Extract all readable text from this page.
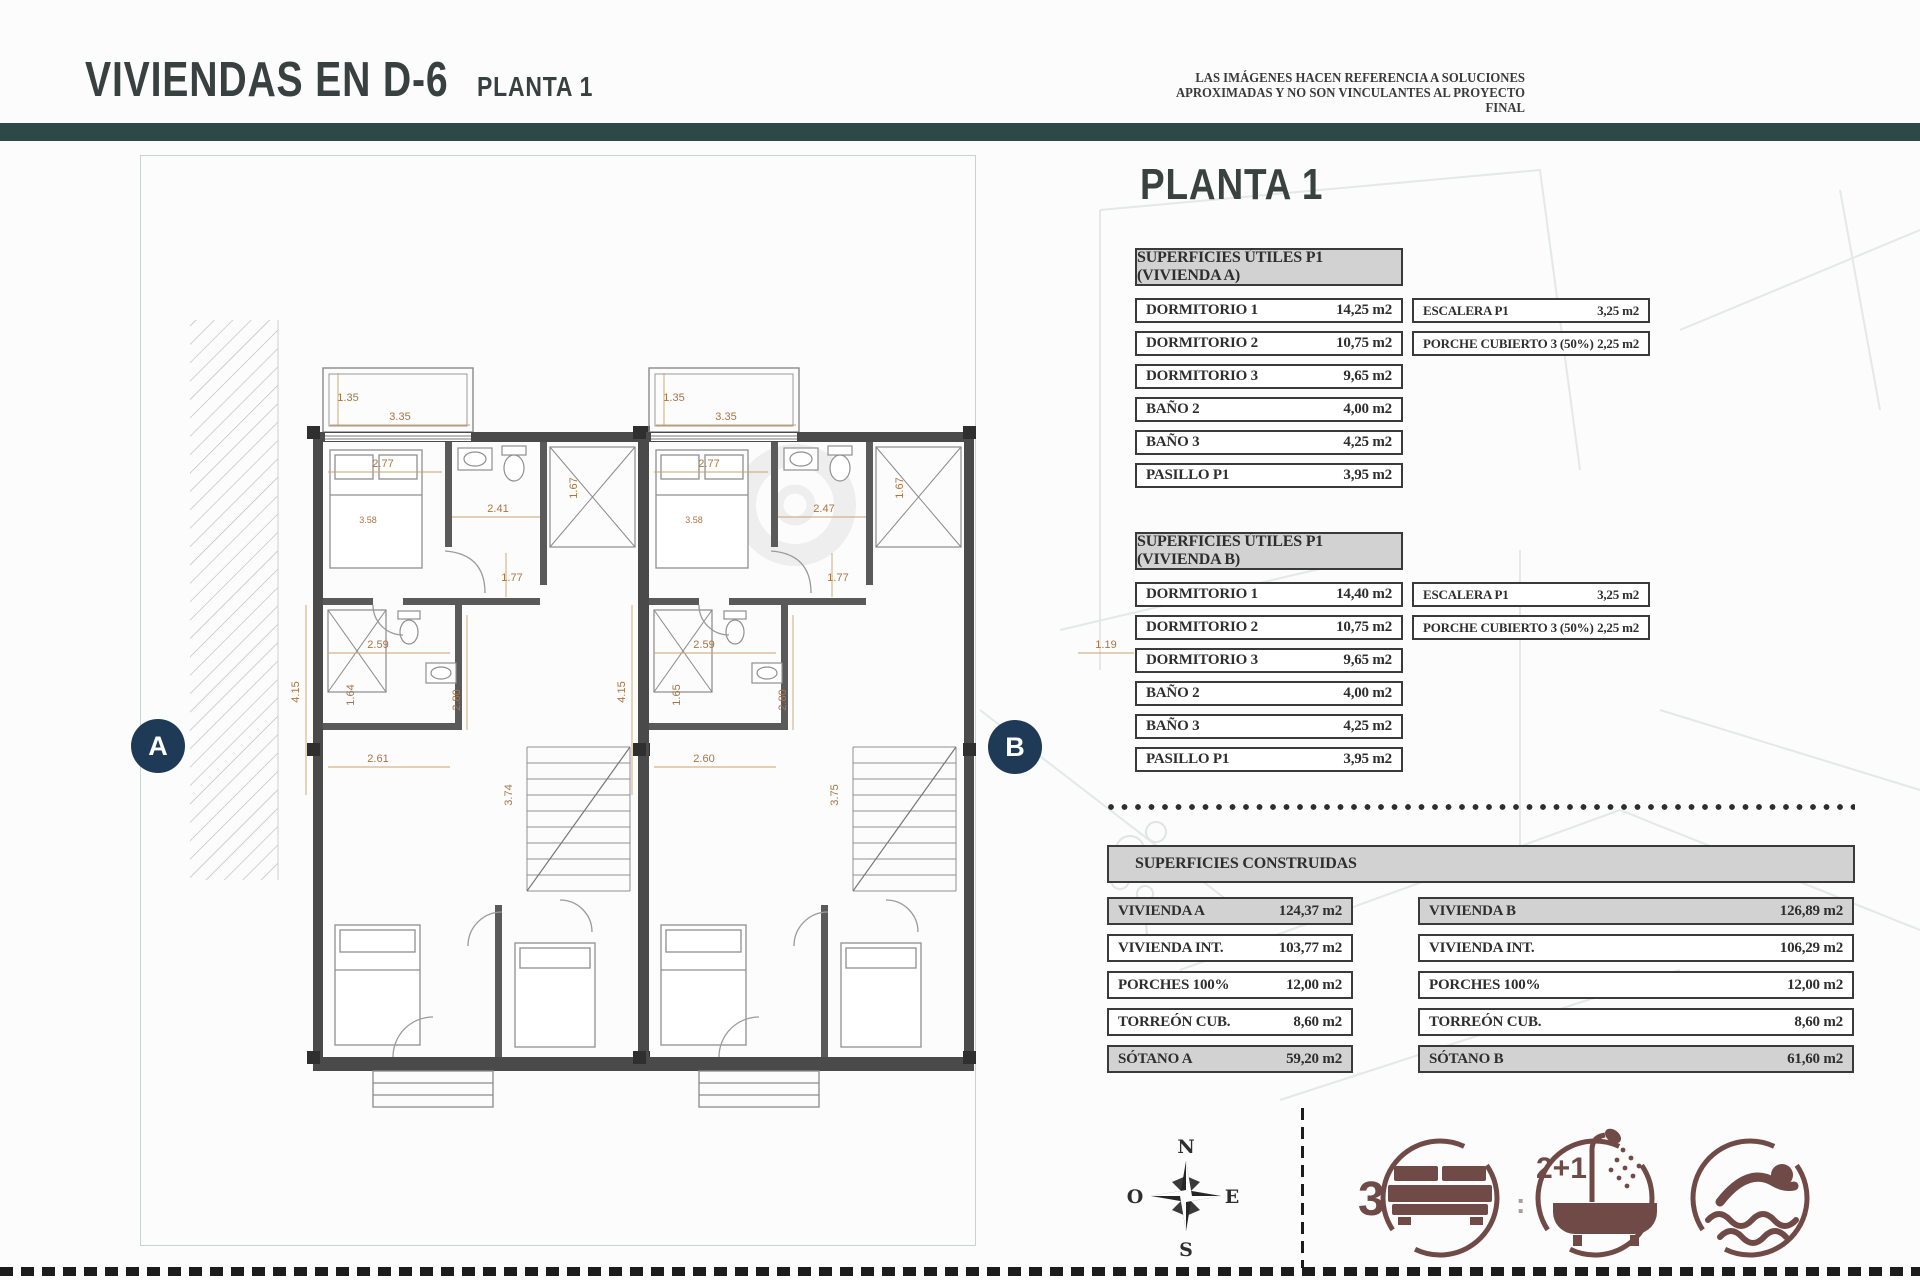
VIVIENDAS EN D-6 PLANTA 1	LAS IMÁGENES HACEN REFERENCIA A SOLUCIONES
APROXIMADAS Y NO SON VINCULANTES AL PROYECTO FINAL
1.35
3.35
2.77
2.41
1.67
1.77
2.59
1.64	2.80
2.61
4.15
3.74
3.58
1.35
3.35
2.77
2.47
1.67
1.77
2.59
1.65	2.80
2.60
4.15
3.75
3.58
1.19
A	B
PLANTA 1
SUPERFICIES ÚTILES P1 (VIVIENDA A)
DORMITORIO 1	14,25 m2
DORMITORIO 2	10,75 m2
DORMITORIO 3	9,65 m2
BAÑO 2	4,00 m2
BAÑO 3	4,25 m2
PASILLO P1	3,95 m2
ESCALERA P1	3,25 m2
PORCHE CUBIERTO 3 (50%) 2,25 m2
SUPERFICIES ÚTILES P1 (VIVIENDA B)
DORMITORIO 1	14,40 m2
DORMITORIO 2	10,75 m2
DORMITORIO 3	9,65 m2
BAÑO 2	4,00 m2
BAÑO 3	4,25 m2
PASILLO P1	3,95 m2
ESCALERA P1	3,25 m2
PORCHE CUBIERTO 3 (50%) 2,25 m2
SUPERFICIES CONSTRUIDAS
VIVIENDA A	124,37 m2
VIVIENDA INT.	103,77 m2
PORCHES 100%	12,00 m2
TORREÓN CUB.	8,60 m2
SÓTANO A	59,20 m2
VIVIENDA B	126,89 m2
VIVIENDA INT.	106,29 m2
PORCHES 100%	12,00 m2
TORREÓN CUB.	8,60 m2
SÓTANO B	61,60 m2
N
O	E
S
3	:
2+1
